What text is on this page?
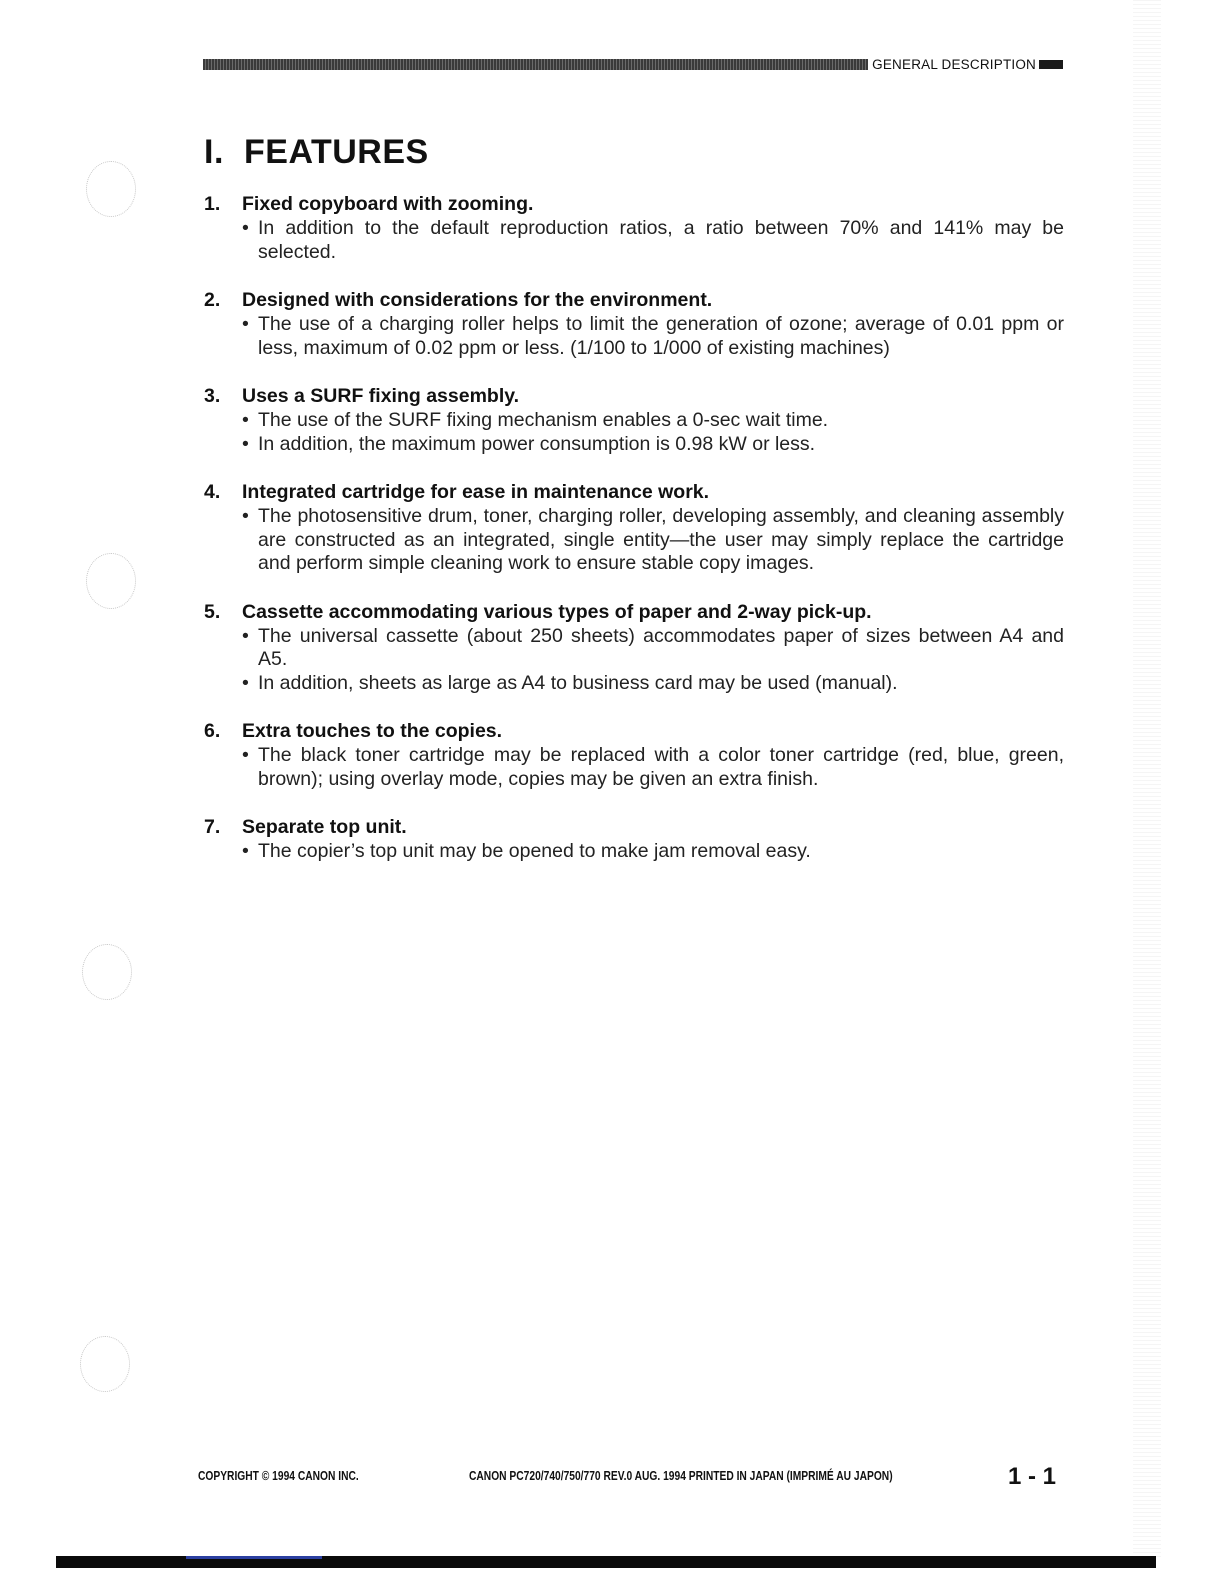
GENERAL DESCRIPTION
I. FEATURES
1.	Fixed copyboard with zooming.
• In addition to the default reproduction ratios, a ratio between 70% and 141% may be selected.
2.	Designed with considerations for the environment.
• The use of a charging roller helps to limit the generation of ozone; average of 0.01 ppm or less, maximum of 0.02 ppm or less. (1/100 to 1/000 of existing machines)
3.	Uses a SURF fixing assembly.
• The use of the SURF fixing mechanism enables a 0-sec wait time.
• In addition, the maximum power consumption is 0.98 kW or less.
4.	Integrated cartridge for ease in maintenance work.
• The photosensitive drum, toner, charging roller, developing assembly, and cleaning assembly are constructed as an integrated, single entity—the user may simply replace the cartridge and perform simple cleaning work to ensure stable copy images.
5.	Cassette accommodating various types of paper and 2-way pick-up.
• The universal cassette (about 250 sheets) accommodates paper of sizes between A4 and A5.
• In addition, sheets as large as A4 to business card may be used (manual).
6.	Extra touches to the copies.
• The black toner cartridge may be replaced with a color toner cartridge (red, blue, green, brown); using overlay mode, copies may be given an extra finish.
7.	Separate top unit.
• The copier’s top unit may be opened to make jam removal easy.
COPYRIGHT © 1994 CANON INC.	CANON PC720/740/750/770 REV.0 AUG. 1994 PRINTED IN JAPAN (IMPRIMÉ AU JAPON)	1 - 1
